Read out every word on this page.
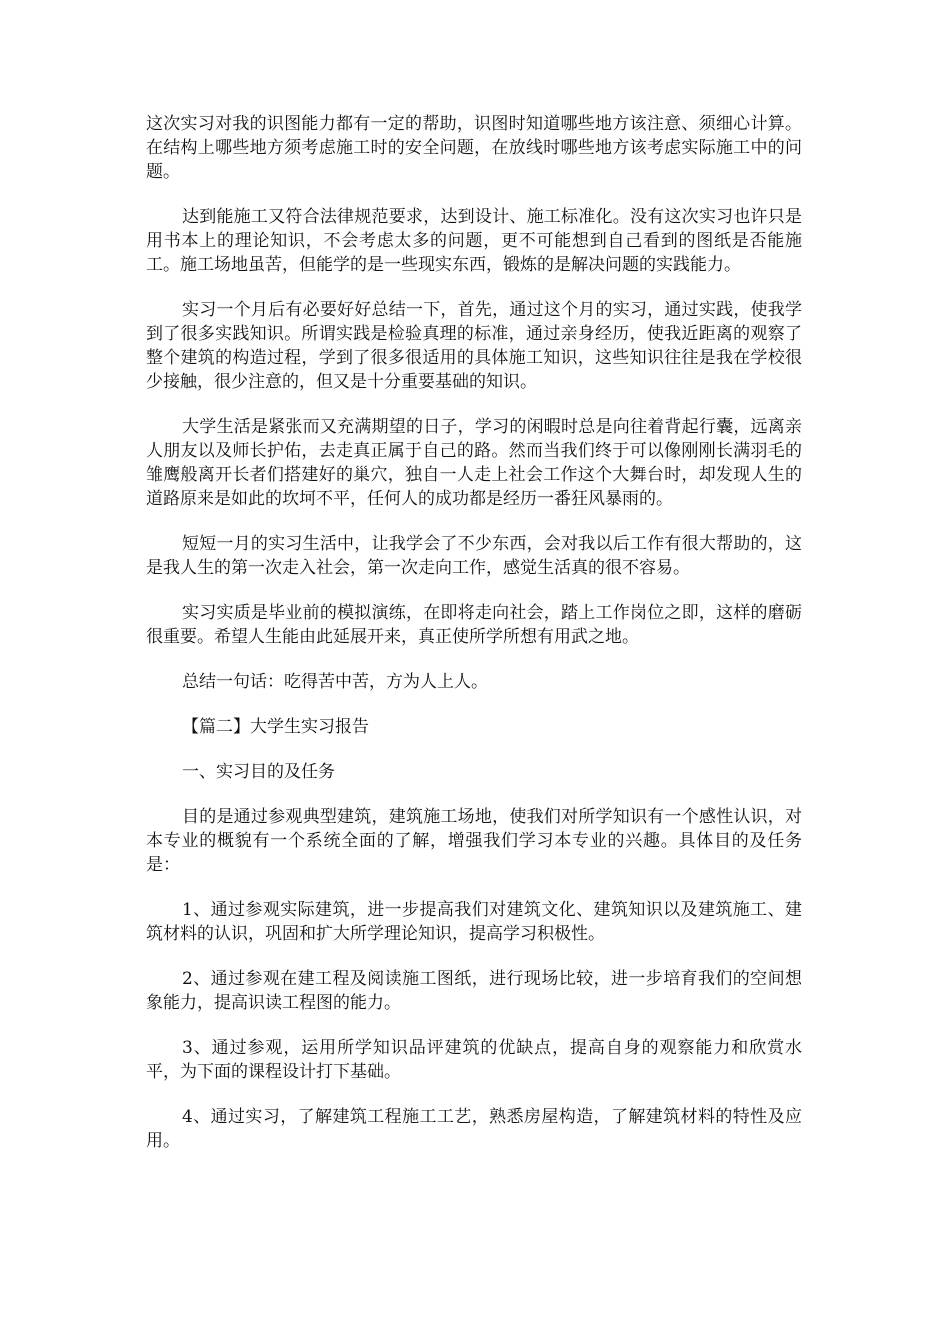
这次实习对我的识图能力都有一定的帮助，识图时知道哪些地方该注意、须细心计算。在结构上哪些地方须考虑施工时的安全问题，在放线时哪些地方该考虑实际施工中的问题。

达到能施工又符合法律规范要求，达到设计、施工标准化。没有这次实习也许只是用书本上的理论知识，不会考虑太多的问题，更不可能想到自己看到的图纸是否能施工。施工场地虽苦，但能学的是一些现实东西，锻炼的是解决问题的实践能力。

实习一个月后有必要好好总结一下，首先，通过这个月的实习，通过实践，使我学到了很多实践知识。所谓实践是检验真理的标准，通过亲身经历，使我近距离的观察了整个建筑的构造过程，学到了很多很适用的具体施工知识，这些知识往往是我在学校很少接触，很少注意的，但又是十分重要基础的知识。

大学生活是紧张而又充满期望的日子，学习的闲暇时总是向往着背起行囊，远离亲人朋友以及师长护佑，去走真正属于自己的路。然而当我们终于可以像刚刚长满羽毛的雏鹰般离开长者们搭建好的巢穴，独自一人走上社会工作这个大舞台时，却发现人生的道路原来是如此的坎坷不平，任何人的成功都是经历一番狂风暴雨的。

短短一月的实习生活中，让我学会了不少东西，会对我以后工作有很大帮助的，这是我人生的第一次走入社会，第一次走向工作，感觉生活真的很不容易。

实习实质是毕业前的模拟演练，在即将走向社会，踏上工作岗位之即，这样的磨砺很重要。希望人生能由此延展开来，真正使所学所想有用武之地。

总结一句话：吃得苦中苦，方为人上人。

【篇二】大学生实习报告

一、实习目的及任务

目的是通过参观典型建筑，建筑施工场地，使我们对所学知识有一个感性认识，对本专业的概貌有一个系统全面的了解，增强我们学习本专业的兴趣。具体目的及任务是：

1、通过参观实际建筑，进一步提高我们对建筑文化、建筑知识以及建筑施工、建筑材料的认识，巩固和扩大所学理论知识，提高学习积极性。

2、通过参观在建工程及阅读施工图纸，进行现场比较，进一步培育我们的空间想象能力，提高识读工程图的能力。

3、通过参观，运用所学知识品评建筑的优缺点，提高自身的观察能力和欣赏水平，为下面的课程设计打下基础。

4、通过实习，了解建筑工程施工工艺，熟悉房屋构造，了解建筑材料的特性及应用。
